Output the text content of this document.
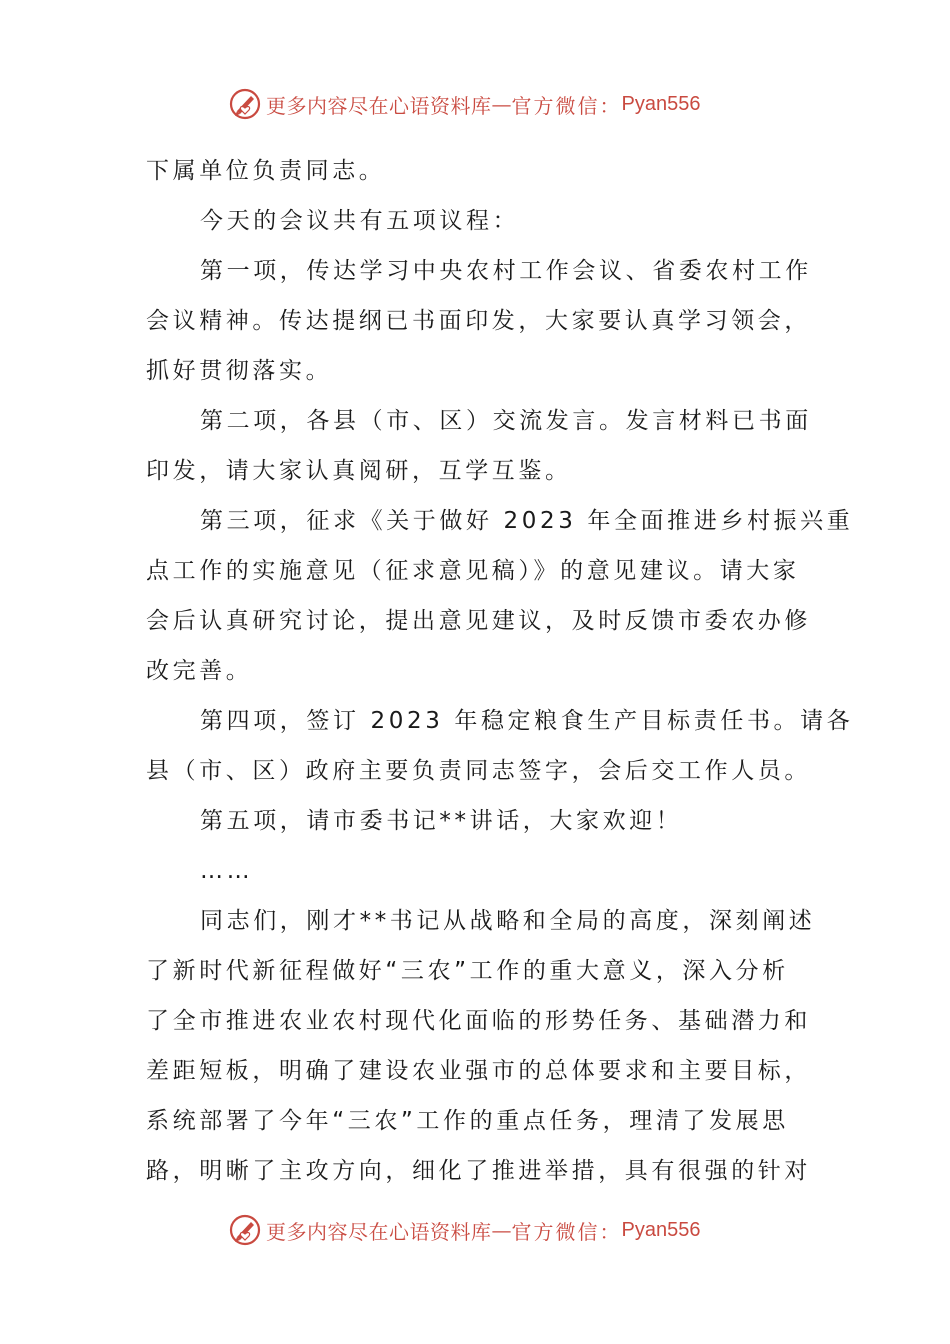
更多内容尽在心语资料库 — 官方微信： Pyan556
下属单位负责同志。
今天的会议共有五项议程：
第一项，传达学习中央农村工作会议、省委农村工作
会议精神。传达提纲已书面印发，大家要认真学习领会，
抓好贯彻落实。
第二项，各县（市、区）交流发言。发言材料已书面
印发，请大家认真阅研，互学互鉴。
第三项，征求《关于做好 2023 年全面推进乡村振兴重
点工作的实施意见（征求意见稿）》的意见建议。请大家
会后认真研究讨论，提出意见建议，及时反馈市委农办修
改完善。
第四项，签订 2023 年稳定粮食生产目标责任书。请各
县（市、区）政府主要负责同志签字，会后交工作人员。
第五项，请市委书记**讲话，大家欢迎！
……
同志们，刚才**书记从战略和全局的高度，深刻阐述
了新时代新征程做好“三农”工作的重大意义，深入分析
了全市推进农业农村现代化面临的形势任务、基础潜力和
差距短板，明确了建设农业强市的总体要求和主要目标，
系统部署了今年“三农”工作的重点任务，理清了发展思
路，明晰了主攻方向，细化了推进举措，具有很强的针对
更多内容尽在心语资料库 — 官方微信： Pyan556
